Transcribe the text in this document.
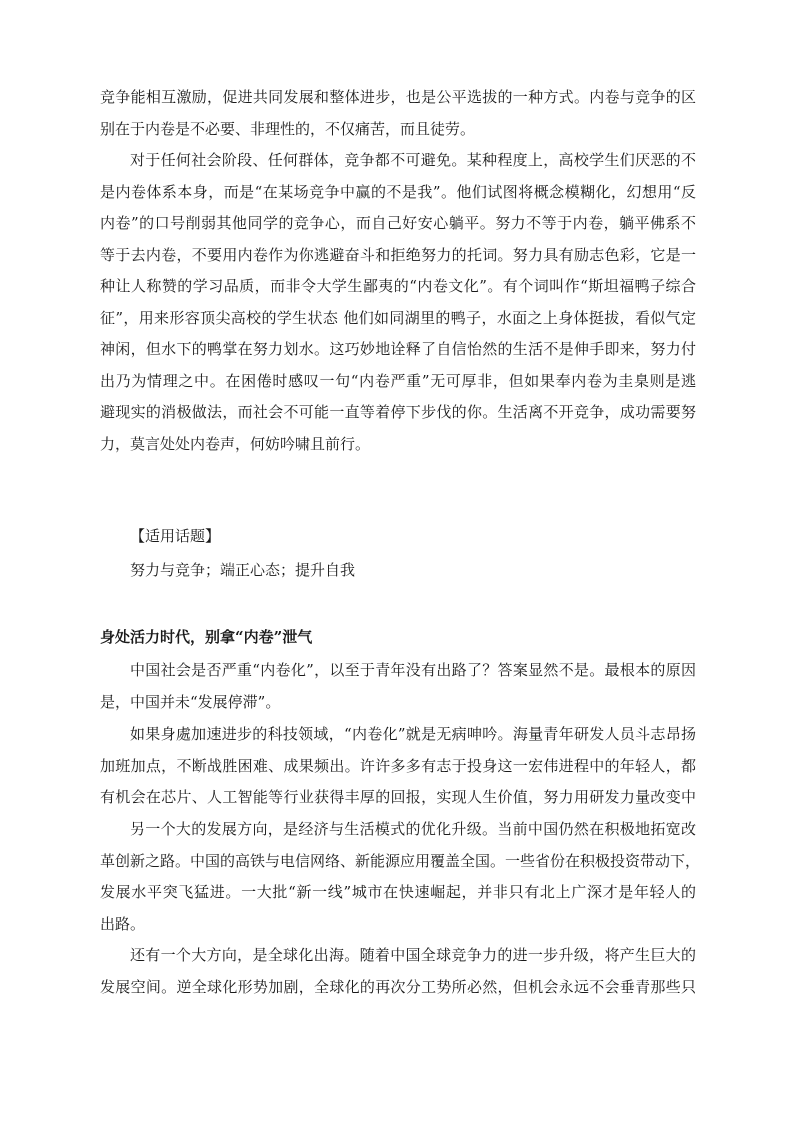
竞争能相互激励，促进共同发展和整体进步，也是公平选拔的一种方式。内卷与竞争的区
别在于内卷是不必要、非理性的，不仅痛苦，而且徒劳。
对于任何社会阶段、任何群体，竞争都不可避免。某种程度上，高校学生们厌恶的不
是内卷体系本身，而是“在某场竞争中赢的不是我”。他们试图将概念模糊化，幻想用“反
内卷”的口号削弱其他同学的竞争心，而自己好安心躺平。努力不等于内卷，躺平佛系不
等于去内卷，不要用内卷作为你逃避奋斗和拒绝努力的托词。努力具有励志色彩，它是一
种让人称赞的学习品质，而非令大学生鄙夷的“内卷文化”。有个词叫作“斯坦福鸭子综合
征”，用来形容顶尖高校的学生状态 他们如同湖里的鸭子，水面之上身体挺拔，看似气定
神闲，但水下的鸭掌在努力划水。这巧妙地诠释了自信怡然的生活不是伸手即来，努力付
出乃为情理之中。在困倦时感叹一句“内卷严重”无可厚非，但如果奉内卷为圭臬则是逃
避现实的消极做法，而社会不可能一直等着停下步伐的你。生活离不开竞争，成功需要努
力，莫言处处内卷声，何妨吟啸且前行。
【适用话题】
努力与竞争；端正心态；提升自我
身处活力时代，别拿“内卷”泄气
中国社会是否严重“内卷化”，以至于青年没有出路了？答案显然不是。最根本的原因
是，中国并未“发展停滞”。
如果身處加速进步的科技领域，“内卷化”就是无病呻吟。海量青年研发人员斗志昂扬
加班加点，不断战胜困难、成果频出。许许多多有志于投身这一宏伟进程中的年轻人，都
有机会在芯片、人工智能等行业获得丰厚的回报，实现人生价值，努力用研发力量改变中
另一个大的发展方向，是经济与生活模式的优化升级。当前中国仍然在积极地拓宽改
革创新之路。中国的高铁与电信网络、新能源应用覆盖全国。一些省份在积极投资带动下，
发展水平突飞猛进。一大批“新一线”城市在快速崛起，并非只有北上广深才是年轻人的
出路。
还有一个大方向，是全球化出海。随着中国全球竞争力的进一步升级，将产生巨大的
发展空间。逆全球化形势加剧，全球化的再次分工势所必然，但机会永远不会垂青那些只
